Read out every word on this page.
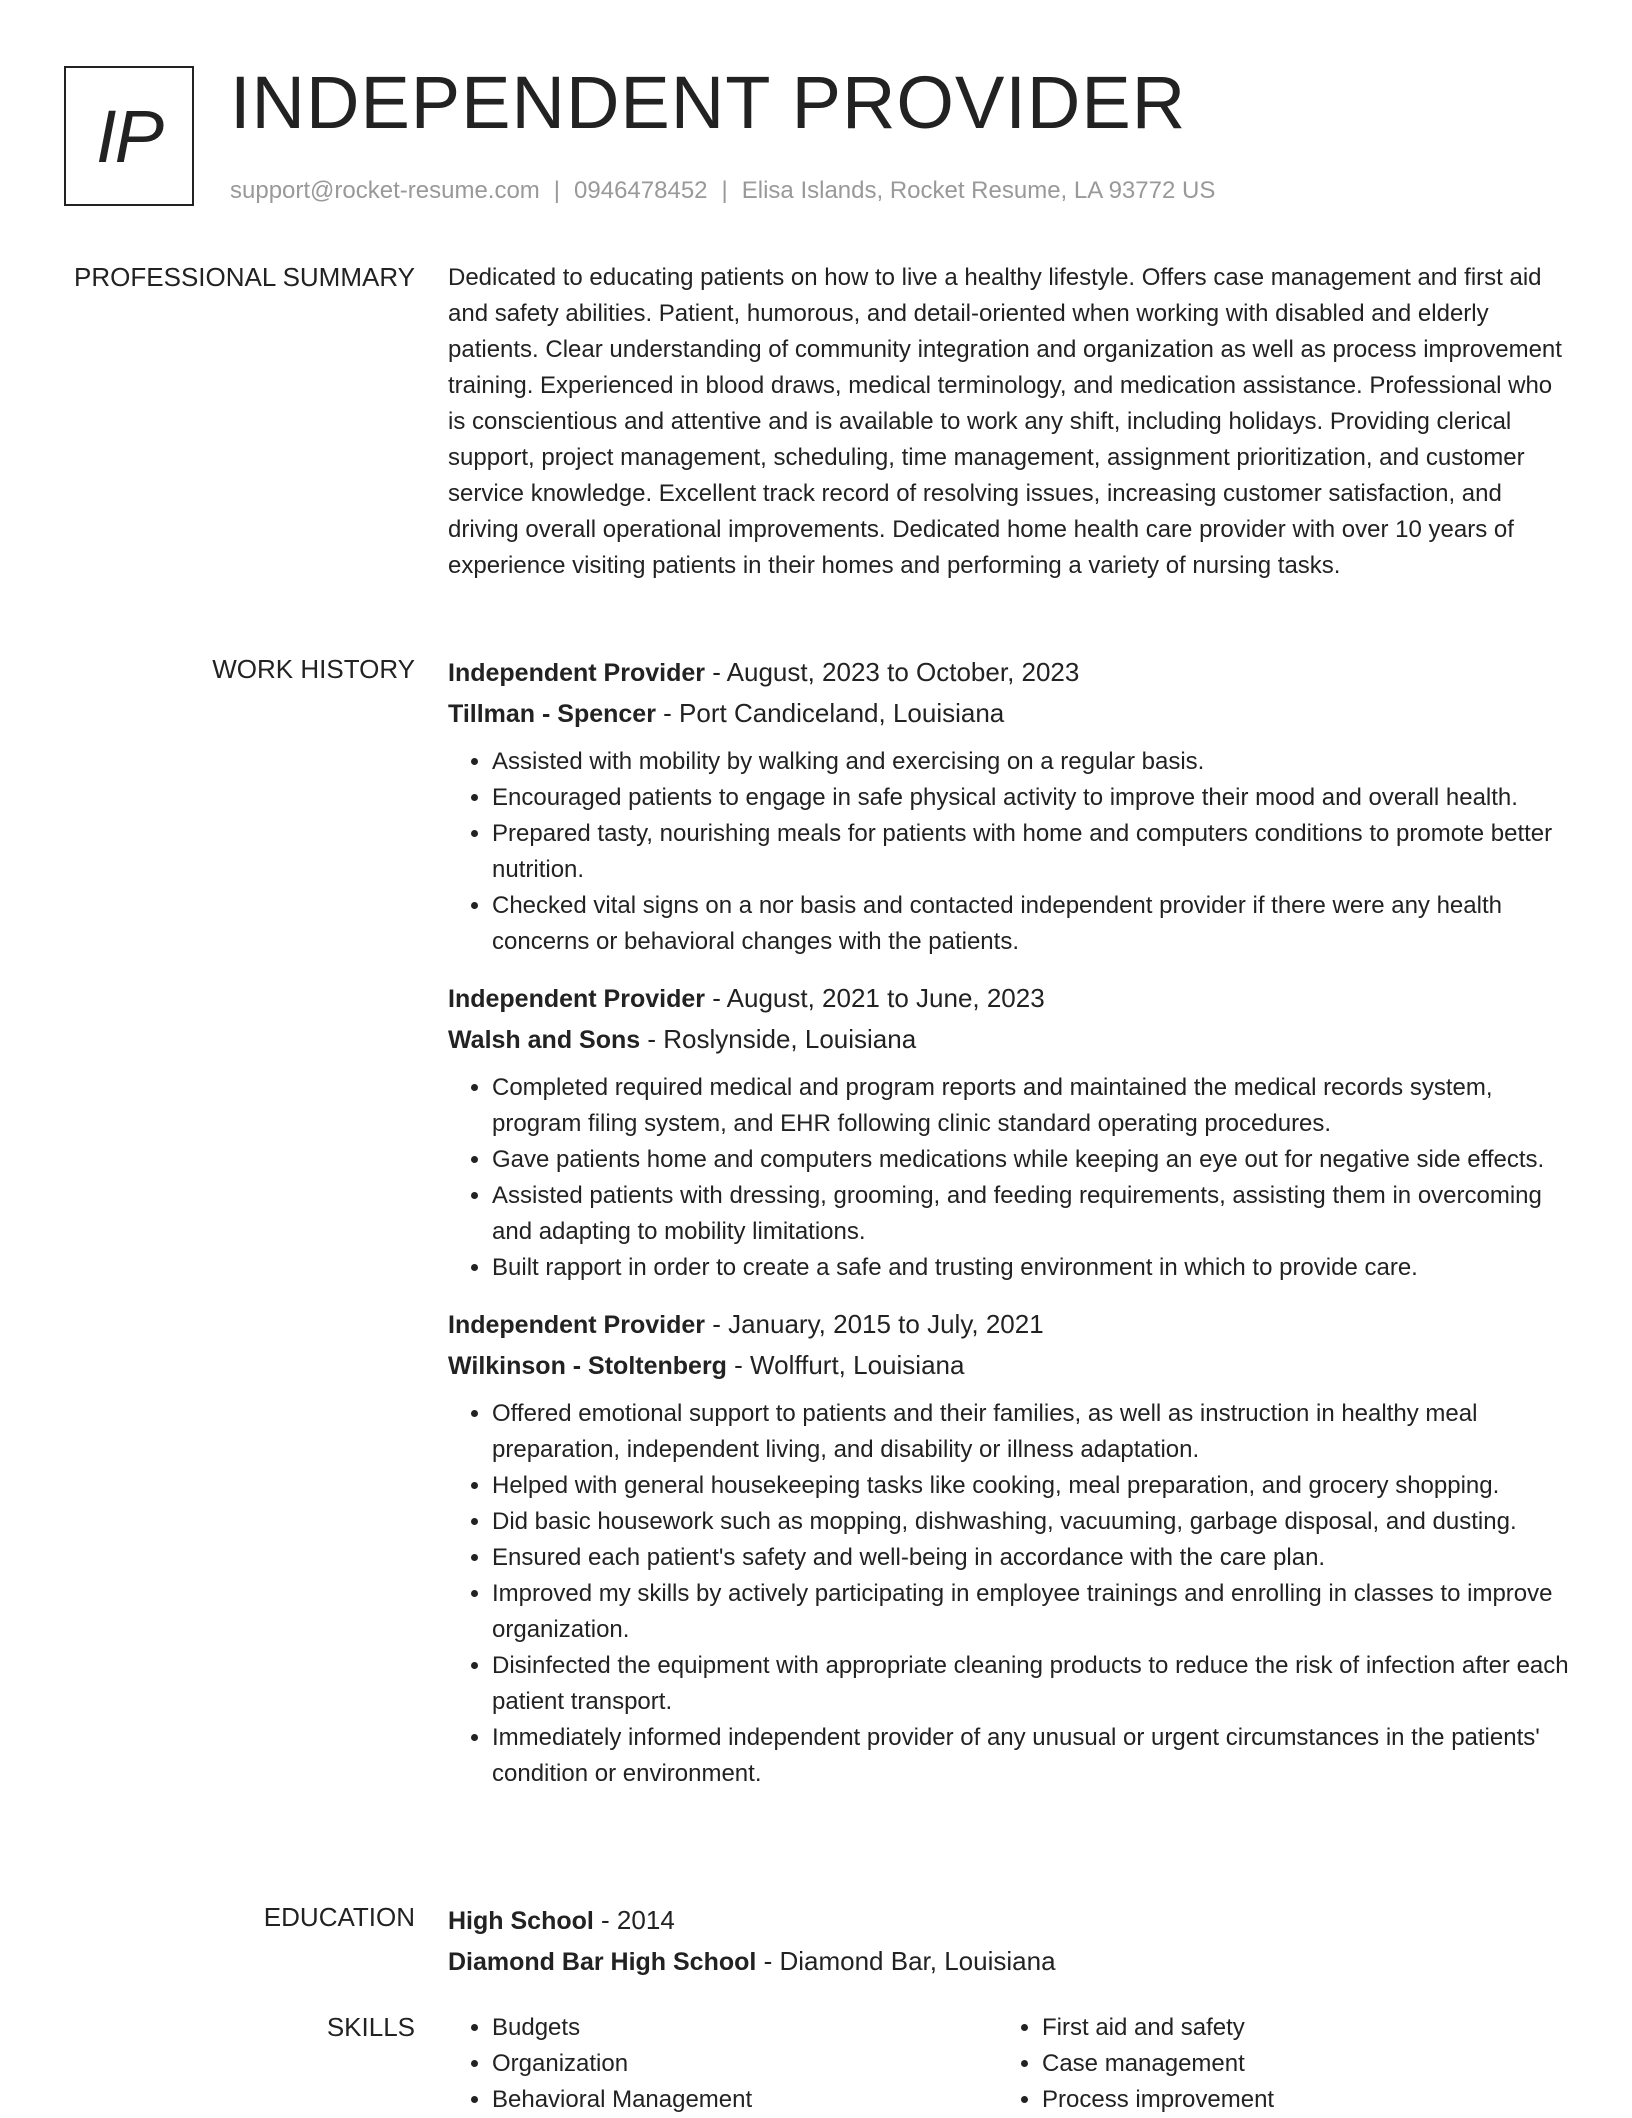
IP INDEPENDENT PROVIDER
support@rocket-resume.com | 0946478452 | Elisa Islands, Rocket Resume, LA 93772 US
PROFESSIONAL SUMMARY Dedicated to educating patients on how to live a healthy lifestyle. Offers case management and first aid and safety abilities. Patient, humorous, and detail-oriented when working with disabled and elderly patients. Clear understanding of community integration and organization as well as process improvement training. Experienced in blood draws, medical terminology, and medication assistance. Professional who is conscientious and attentive and is available to work any shift, including holidays. Providing clerical support, project management, scheduling, time management, assignment prioritization, and customer service knowledge. Excellent track record of resolving issues, increasing customer satisfaction, and driving overall operational improvements. Dedicated home health care provider with over 10 years of experience visiting patients in their homes and performing a variety of nursing tasks.

WORK HISTORY Independent Provider - August, 2023 to October, 2023
Tillman - Spencer - Port Candiceland, Louisiana
• Assisted with mobility by walking and exercising on a regular basis.
• Encouraged patients to engage in safe physical activity to improve their mood and overall health.
• Prepared tasty, nourishing meals for patients with home and computers conditions to promote better nutrition.
• Checked vital signs on a nor basis and contacted independent provider if there were any health concerns or behavioral changes with the patients.
Independent Provider - August, 2021 to June, 2023
Walsh and Sons - Roslynside, Louisiana
• Completed required medical and program reports and maintained the medical records system, program filing system, and EHR following clinic standard operating procedures.
• Gave patients home and computers medications while keeping an eye out for negative side effects.
• Assisted patients with dressing, grooming, and feeding requirements, assisting them in overcoming and adapting to mobility limitations.
• Built rapport in order to create a safe and trusting environment in which to provide care.
Independent Provider - January, 2015 to July, 2021
Wilkinson - Stoltenberg - Wolffurt, Louisiana
• Offered emotional support to patients and their families, as well as instruction in healthy meal preparation, independent living, and disability or illness adaptation.
• Helped with general housekeeping tasks like cooking, meal preparation, and grocery shopping.
• Did basic housework such as mopping, dishwashing, vacuuming, garbage disposal, and dusting.
• Ensured each patient's safety and well-being in accordance with the care plan.
• Improved my skills by actively participating in employee trainings and enrolling in classes to improve organization.
• Disinfected the equipment with appropriate cleaning products to reduce the risk of infection after each patient transport.
• Immediately informed independent provider of any unusual or urgent circumstances in the patients' condition or environment.
EDUCATION High School - 2014
Diamond Bar High School - Diamond Bar, Louisiana
SKILLS
•	Budgets
• Organization
• Behavioral Management
• First aid and safety
• Case management
• Process improvement
